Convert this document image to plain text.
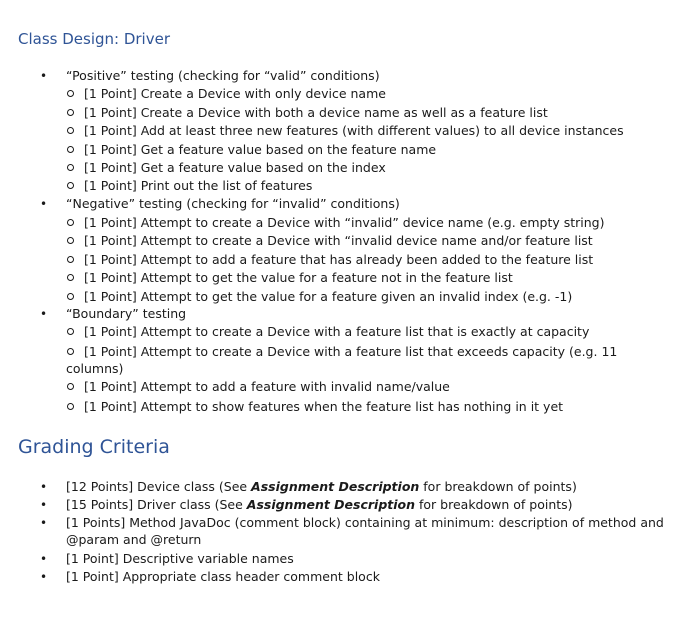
Class Design: Driver
• “Positive” testing (checking for “valid” conditions)
[1 Point] Create a Device with only device name
[1 Point] Create a Device with both a device name as well as a feature list
[1 Point] Add at least three new features (with different values) to all device instances
[1 Point] Get a feature value based on the feature name
[1 Point] Get a feature value based on the index
[1 Point] Print out the list of features
• “Negative” testing (checking for “invalid” conditions)
[1 Point] Attempt to create a Device with “invalid” device name (e.g. empty string)
[1 Point] Attempt to create a Device with “invalid device name and/or feature list
[1 Point] Attempt to add a feature that has already been added to the feature list
[1 Point] Attempt to get the value for a feature not in the feature list
[1 Point] Attempt to get the value for a feature given an invalid index (e.g. -1)
• “Boundary” testing
[1 Point] Attempt to create a Device with a feature list that is exactly at capacity
[1 Point] Attempt to create a Device with a feature list that exceeds capacity (e.g. 11
columns)
[1 Point] Attempt to add a feature with invalid name/value
[1 Point] Attempt to show features when the feature list has nothing in it yet
Grading Criteria
• [12 Points] Device class (See Assignment Description for breakdown of points)
• [15 Points] Driver class (See Assignment Description for breakdown of points)
• [1 Points] Method JavaDoc (comment block) containing at minimum: description of method and
@param and @return
• [1 Point] Descriptive variable names
• [1 Point] Appropriate class header comment block
